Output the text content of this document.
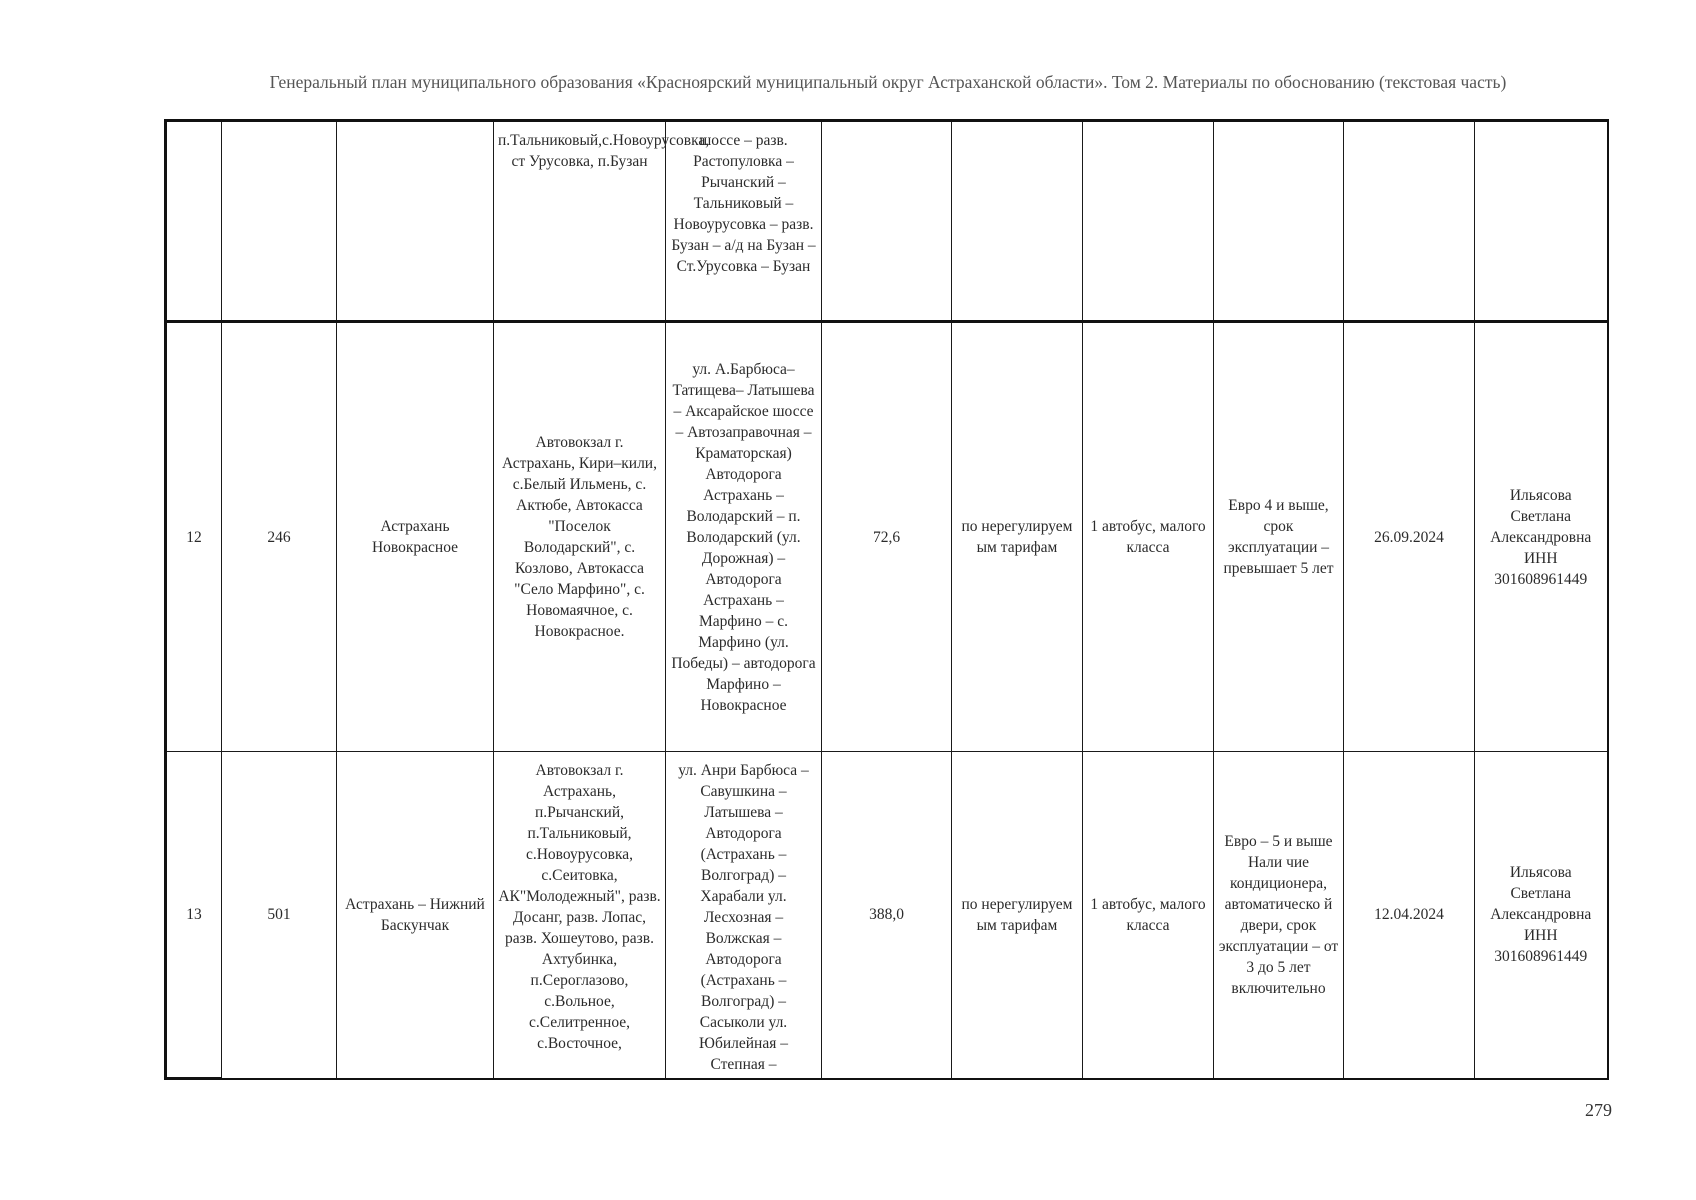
Генеральный план муниципального образования «Красноярский муниципальный округ Астраханской области». Том 2. Материалы по обоснованию (текстовая часть)
			п.Тальниковый,с.Новоурусовка, ст Урусовка, п.Бузан	шоссе – разв. Растопуловка – Рычанский – Тальниковый – Новоурусовка – разв. Бузан – а/д на Бузан – Ст.Урусовка – Бузан						
12	246	Астрахань Новокрасное	Автовокзал г. Астрахань, Кири–кили, с.Белый Ильмень, с. Актюбе, Автокасса "Поселок Володарский", с. Козлово, Автокасса "Село Марфино", с. Новомаячное, с. Новокрасное.	ул. А.Барбюса– Татищева– Латышева – Аксарайское шоссе – Автозаправочная – Краматорская) Автодорога Астрахань – Володарский – п. Володарский (ул. Дорожная) – Автодорога Астрахань – Марфино – с. Марфино (ул. Победы) – автодорога Марфино – Новокрасное	72,6	по нерегулируем ым тарифам	1 автобус, малого класса	Евро 4 и выше, срок эксплуатации – превышает 5 лет	26.09.2024	Ильясова Светлана Александровна ИНН 301608961449
13	501	Астрахань – Нижний Баскунчак	Автовокзал г. Астрахань, п.Рычанский, п.Тальниковый, с.Новоурусовка, с.Сеитовка, АК"Молодежный", разв. Досанг, разв. Лопас, разв. Хошеутово, разв. Ахтубинка, п.Сероглазово, с.Вольное, с.Селитренное, с.Восточное,	ул. Анри Барбюса – Савушкина – Латышева – Автодорога (Астрахань – Волгоград) – Харабали ул. Лесхозная – Волжская – Автодорога (Астрахань – Волгоград) – Сасыколи ул. Юбилейная – Степная –	388,0	по нерегулируем ым тарифам	1 автобус, малого класса	Евро – 5 и выше Нали чие кондиционера, автоматическо й двери, срок эксплуатации – от 3 до 5 лет включительно	12.04.2024	Ильясова Светлана Александровна ИНН 301608961449
279
